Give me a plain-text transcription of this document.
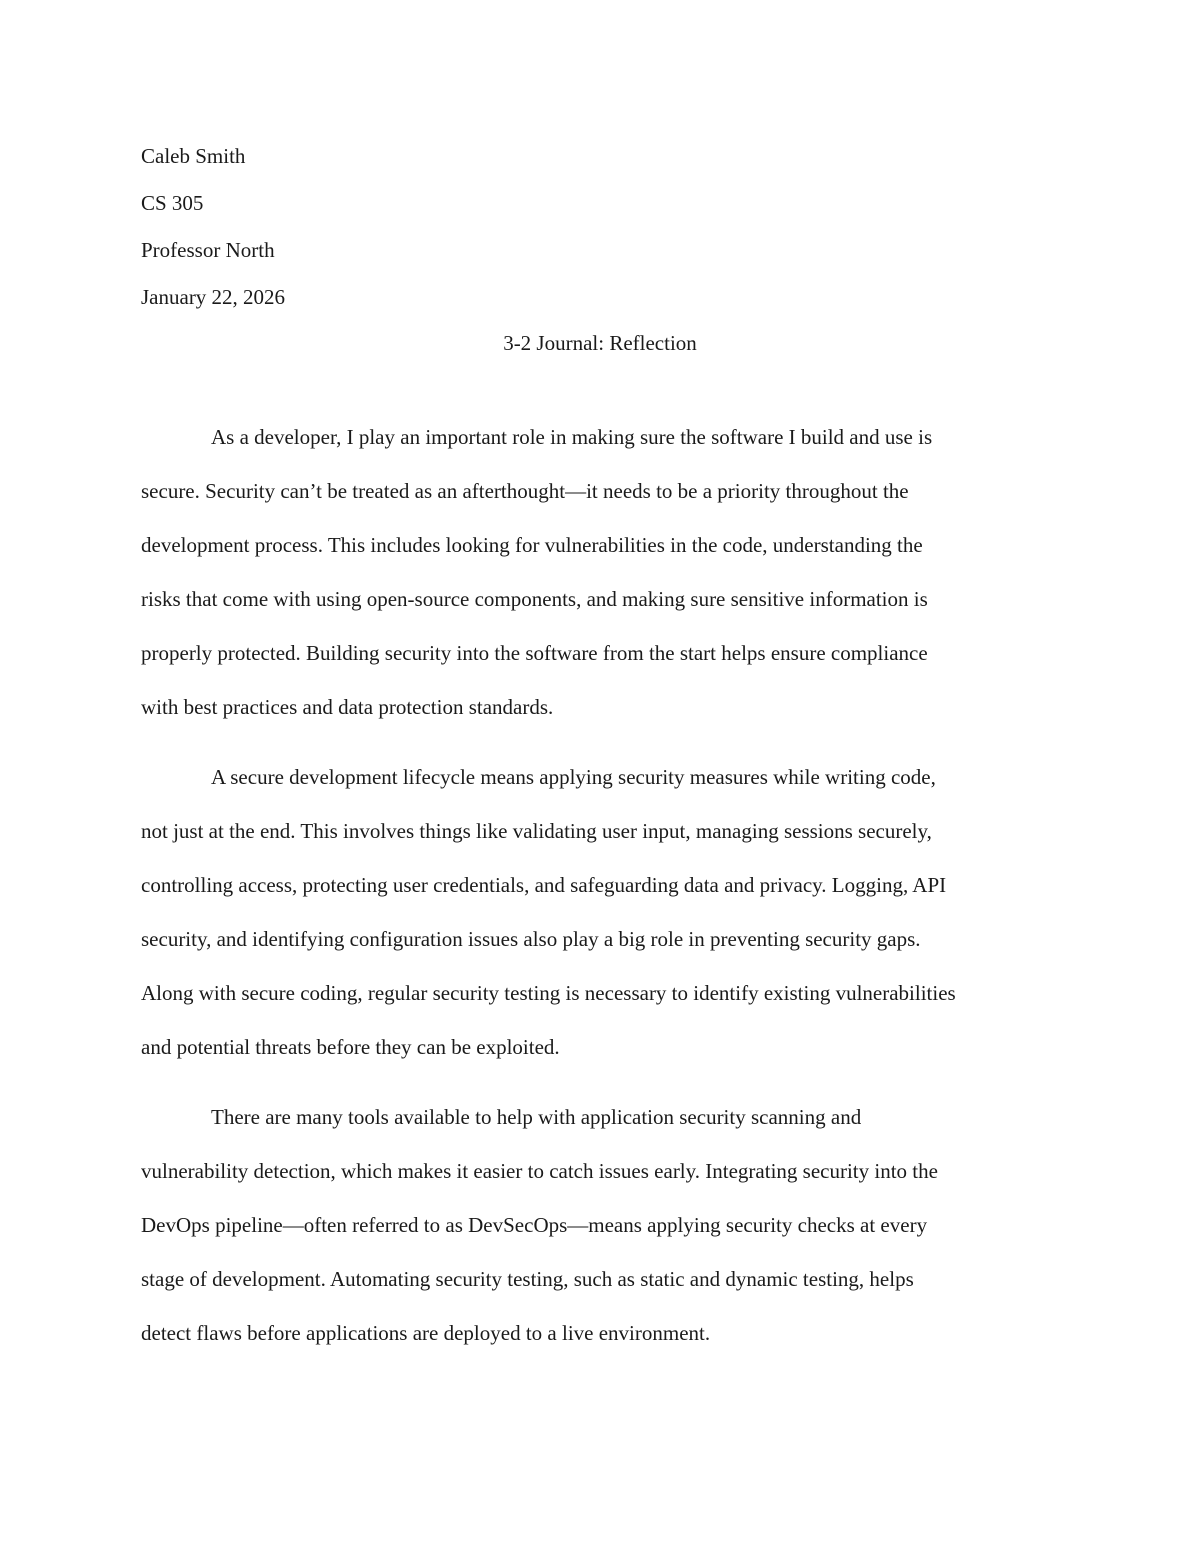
Caleb Smith
CS 305
Professor North
January 22, 2026
3-2 Journal: Reflection
As a developer, I play an important role in making sure the software I build and use is
secure. Security can’t be treated as an afterthought—it needs to be a priority throughout the
development process. This includes looking for vulnerabilities in the code, understanding the
risks that come with using open-source components, and making sure sensitive information is
properly protected. Building security into the software from the start helps ensure compliance
with best practices and data protection standards.
A secure development lifecycle means applying security measures while writing code,
not just at the end. This involves things like validating user input, managing sessions securely,
controlling access, protecting user credentials, and safeguarding data and privacy. Logging, API
security, and identifying configuration issues also play a big role in preventing security gaps.
Along with secure coding, regular security testing is necessary to identify existing vulnerabilities
and potential threats before they can be exploited.
There are many tools available to help with application security scanning and
vulnerability detection, which makes it easier to catch issues early. Integrating security into the
DevOps pipeline—often referred to as DevSecOps—means applying security checks at every
stage of development. Automating security testing, such as static and dynamic testing, helps
detect flaws before applications are deployed to a live environment.
